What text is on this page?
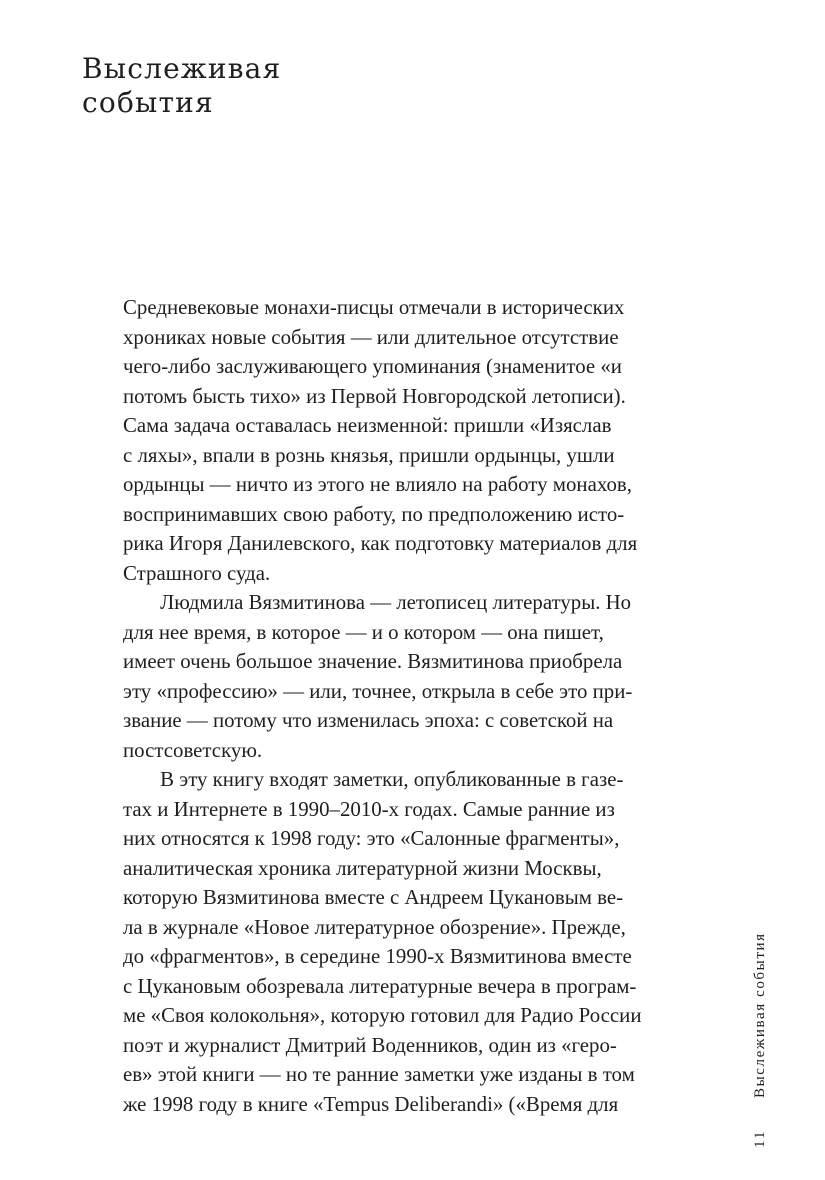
Выслеживая
события
Средневековые монахи-писцы отмечали в исторических
хрониках новые события — или длительное отсутствие
чего-либо заслуживающего упоминания (знаменитое «и
потомъ бысть тихо» из Первой Новгородской летописи).
Сама задача оставалась неизменной: пришли «Изяслав
с ляхы», впали в рознь князья, пришли ордынцы, ушли
ордынцы — ничто из этого не влияло на работу монахов,
воспринимавших свою работу, по предположению исто-
рика Игоря Данилевского, как подготовку материалов для
Страшного суда.
Людмила Вязмитинова — летописец литературы. Но
для нее время, в которое — и о котором — она пишет,
имеет очень большое значение. Вязмитинова приобрела
эту «профессию» — или, точнее, открыла в себе это при-
звание — потому что изменилась эпоха: с советской на
постсоветскую.
В эту книгу входят заметки, опубликованные в газе-
тах и Интернете в 1990–2010-х годах. Самые ранние из
них относятся к 1998 году: это «Салонные фрагменты»,
аналитическая хроника литературной жизни Москвы,
которую Вязмитинова вместе с Андреем Цукановым ве-
ла в журнале «Новое литературное обозрение». Прежде,
до «фрагментов», в середине 1990-х Вязмитинова вместе
с Цукановым обозревала литературные вечера в програм-
ме «Своя колокольня», которую готовил для Радио России
поэт и журналист Дмитрий Воденников, один из «геро-
ев» этой книги — но те ранние заметки уже изданы в том
же 1998 году в книге «Tempus Deliberandi» («Время для
Выслеживая события
11
